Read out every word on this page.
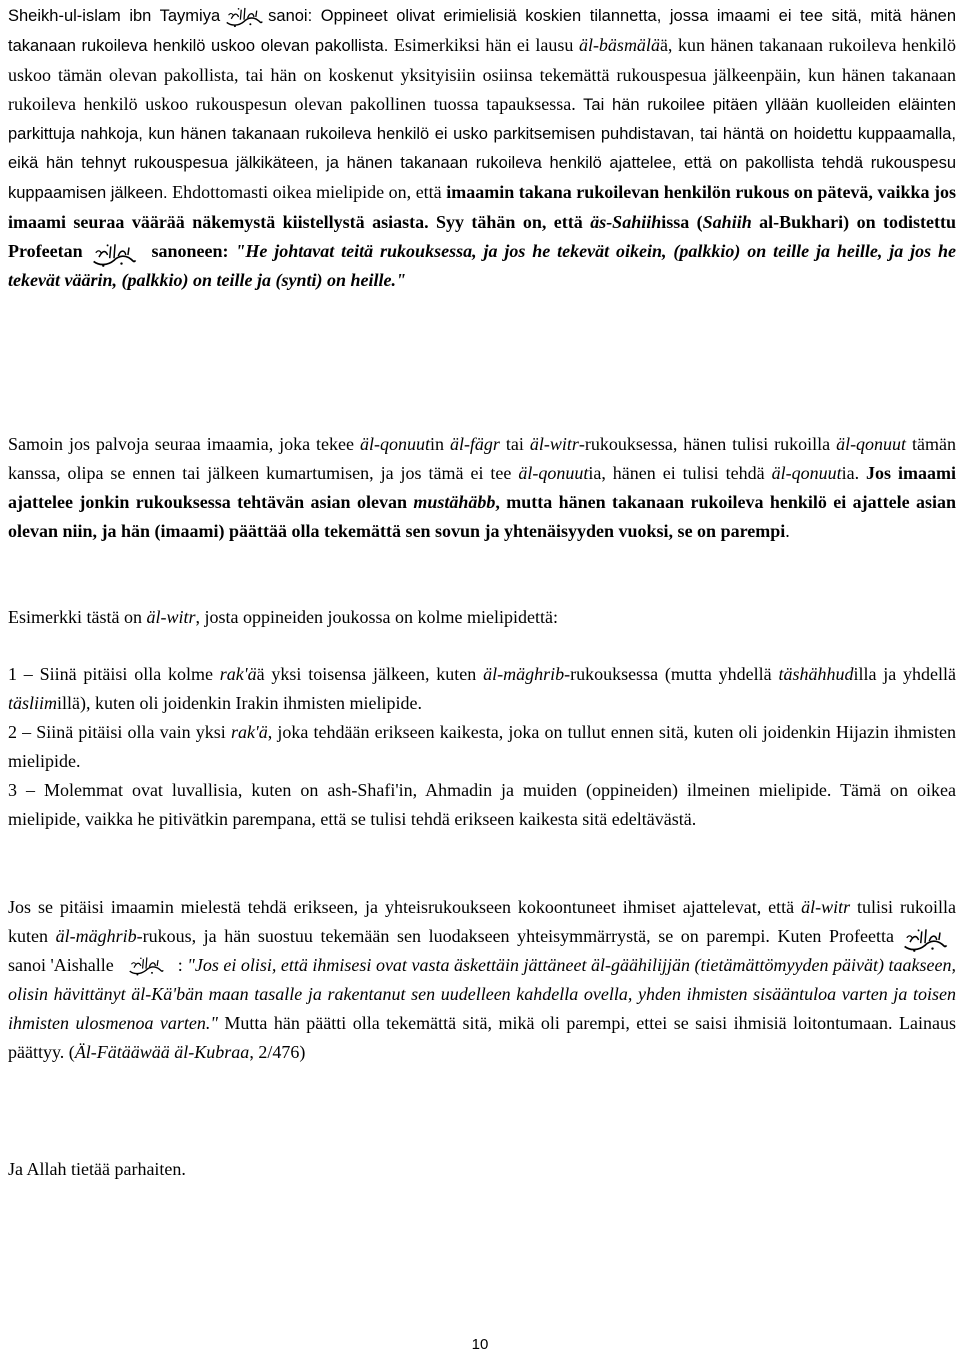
Sheikh-ul-islam ibn Taymiya	sanoi: Oppineet olivat erimielisiä koskien tilannetta, jossa imaami ei tee sitä, mitä hänen takanaan rukoileva henkilö uskoo olevan pakollista. Esimerkiksi hän ei lausu äl-bäsmälää, kun hänen takanaan rukoileva henkilö uskoo tämän olevan pakollista, tai hän on koskenut yksityisiin osiinsa tekemättä rukouspesua jälkeenpäin, kun hänen takanaan rukoileva henkilö uskoo rukouspesun olevan pakollinen tuossa tapauksessa. Tai hän rukoilee pitäen yllään kuolleiden eläinten parkittuja nahkoja, kun hänen takanaan rukoileva henkilö ei usko parkitsemisen puhdistavan, tai häntä on hoidettu kuppaamalla, eikä hän tehnyt rukouspesua jälkikäteen, ja hänen takanaan rukoileva henkilö ajattelee, että on pakollista tehdä rukouspesu kuppaamisen jälkeen. Ehdottomasti oikea mielipide on, että imaamin takana rukoilevan henkilön rukous on pätevä, vaikka jos imaami seuraa väärää näkemystä kiistellystä asiasta. Syy tähän on, että äs-Sahiihissa (Sahiih al-Bukhari) on todistettu Profeetan	sanoneen: "He johtavat teitä rukouksessa, ja jos he tekevät oikein, (palkkio) on teille ja heille, ja jos he tekevät väärin, (palkkio) on teille ja (synti) on heille."
Samoin jos palvoja seuraa imaamia, joka tekee äl-qonuutin äl-fägr tai äl-witr-rukouksessa, hänen tulisi rukoilla äl-qonuut tämän kanssa, olipa se ennen tai jälkeen kumartumisen, ja jos tämä ei tee äl-qonuutia, hänen ei tulisi tehdä äl-qonuutia. Jos imaami ajattelee jonkin rukouksessa tehtävän asian olevan mustähäbb, mutta hänen takanaan rukoileva henkilö ei ajattele asian olevan niin, ja hän (imaami) päättää olla tekemättä sen sovun ja yhtenäisyyden vuoksi, se on parempi.
Esimerkki tästä on äl-witr, josta oppineiden joukossa on kolme mielipidettä:
1 – Siinä pitäisi olla kolme rak'ää yksi toisensa jälkeen, kuten äl-mäghrib-rukouksessa (mutta yhdellä täshähhudilla ja yhdellä täsliimillä), kuten oli joidenkin Irakin ihmisten mielipide.
2 – Siinä pitäisi olla vain yksi rak'ä, joka tehdään erikseen kaikesta, joka on tullut ennen sitä, kuten oli joidenkin Hijazin ihmisten mielipide.
3 – Molemmat ovat luvallisia, kuten on ash-Shafi'in, Ahmadin ja muiden (oppineiden) ilmeinen mielipide. Tämä on oikea mielipide, vaikka he pitivätkin parempana, että se tulisi tehdä erikseen kaikesta sitä edeltävästä.
Jos se pitäisi imaamin mielestä tehdä erikseen, ja yhteisrukoukseen kokoontuneet ihmiset ajattelevat, että äl-witr tulisi rukoilla kuten äl-mäghrib-rukous, ja hän suostuu tekemään sen luodakseen yhteisymmärrystä, se on parempi. Kuten Profeetta
sanoi 'Aishalle	: "Jos ei olisi, että ihmisesi ovat vasta äskettäin jättäneet äl-gäähilijjän (tietämättömyyden päivät) taakseen, olisin hävittänyt äl-Kä'bän maan tasalle ja rakentanut sen uudelleen kahdella ovella, yhden ihmisten sisääntuloa varten ja toisen ihmisten ulosmenoa varten." Mutta hän päätti olla tekemättä sitä, mikä oli parempi, ettei se saisi ihmisiä loitontumaan. Lainaus päättyy. (Äl-Fätääwää äl-Kubraa, 2/476)
Ja Allah tietää parhaiten.
10
